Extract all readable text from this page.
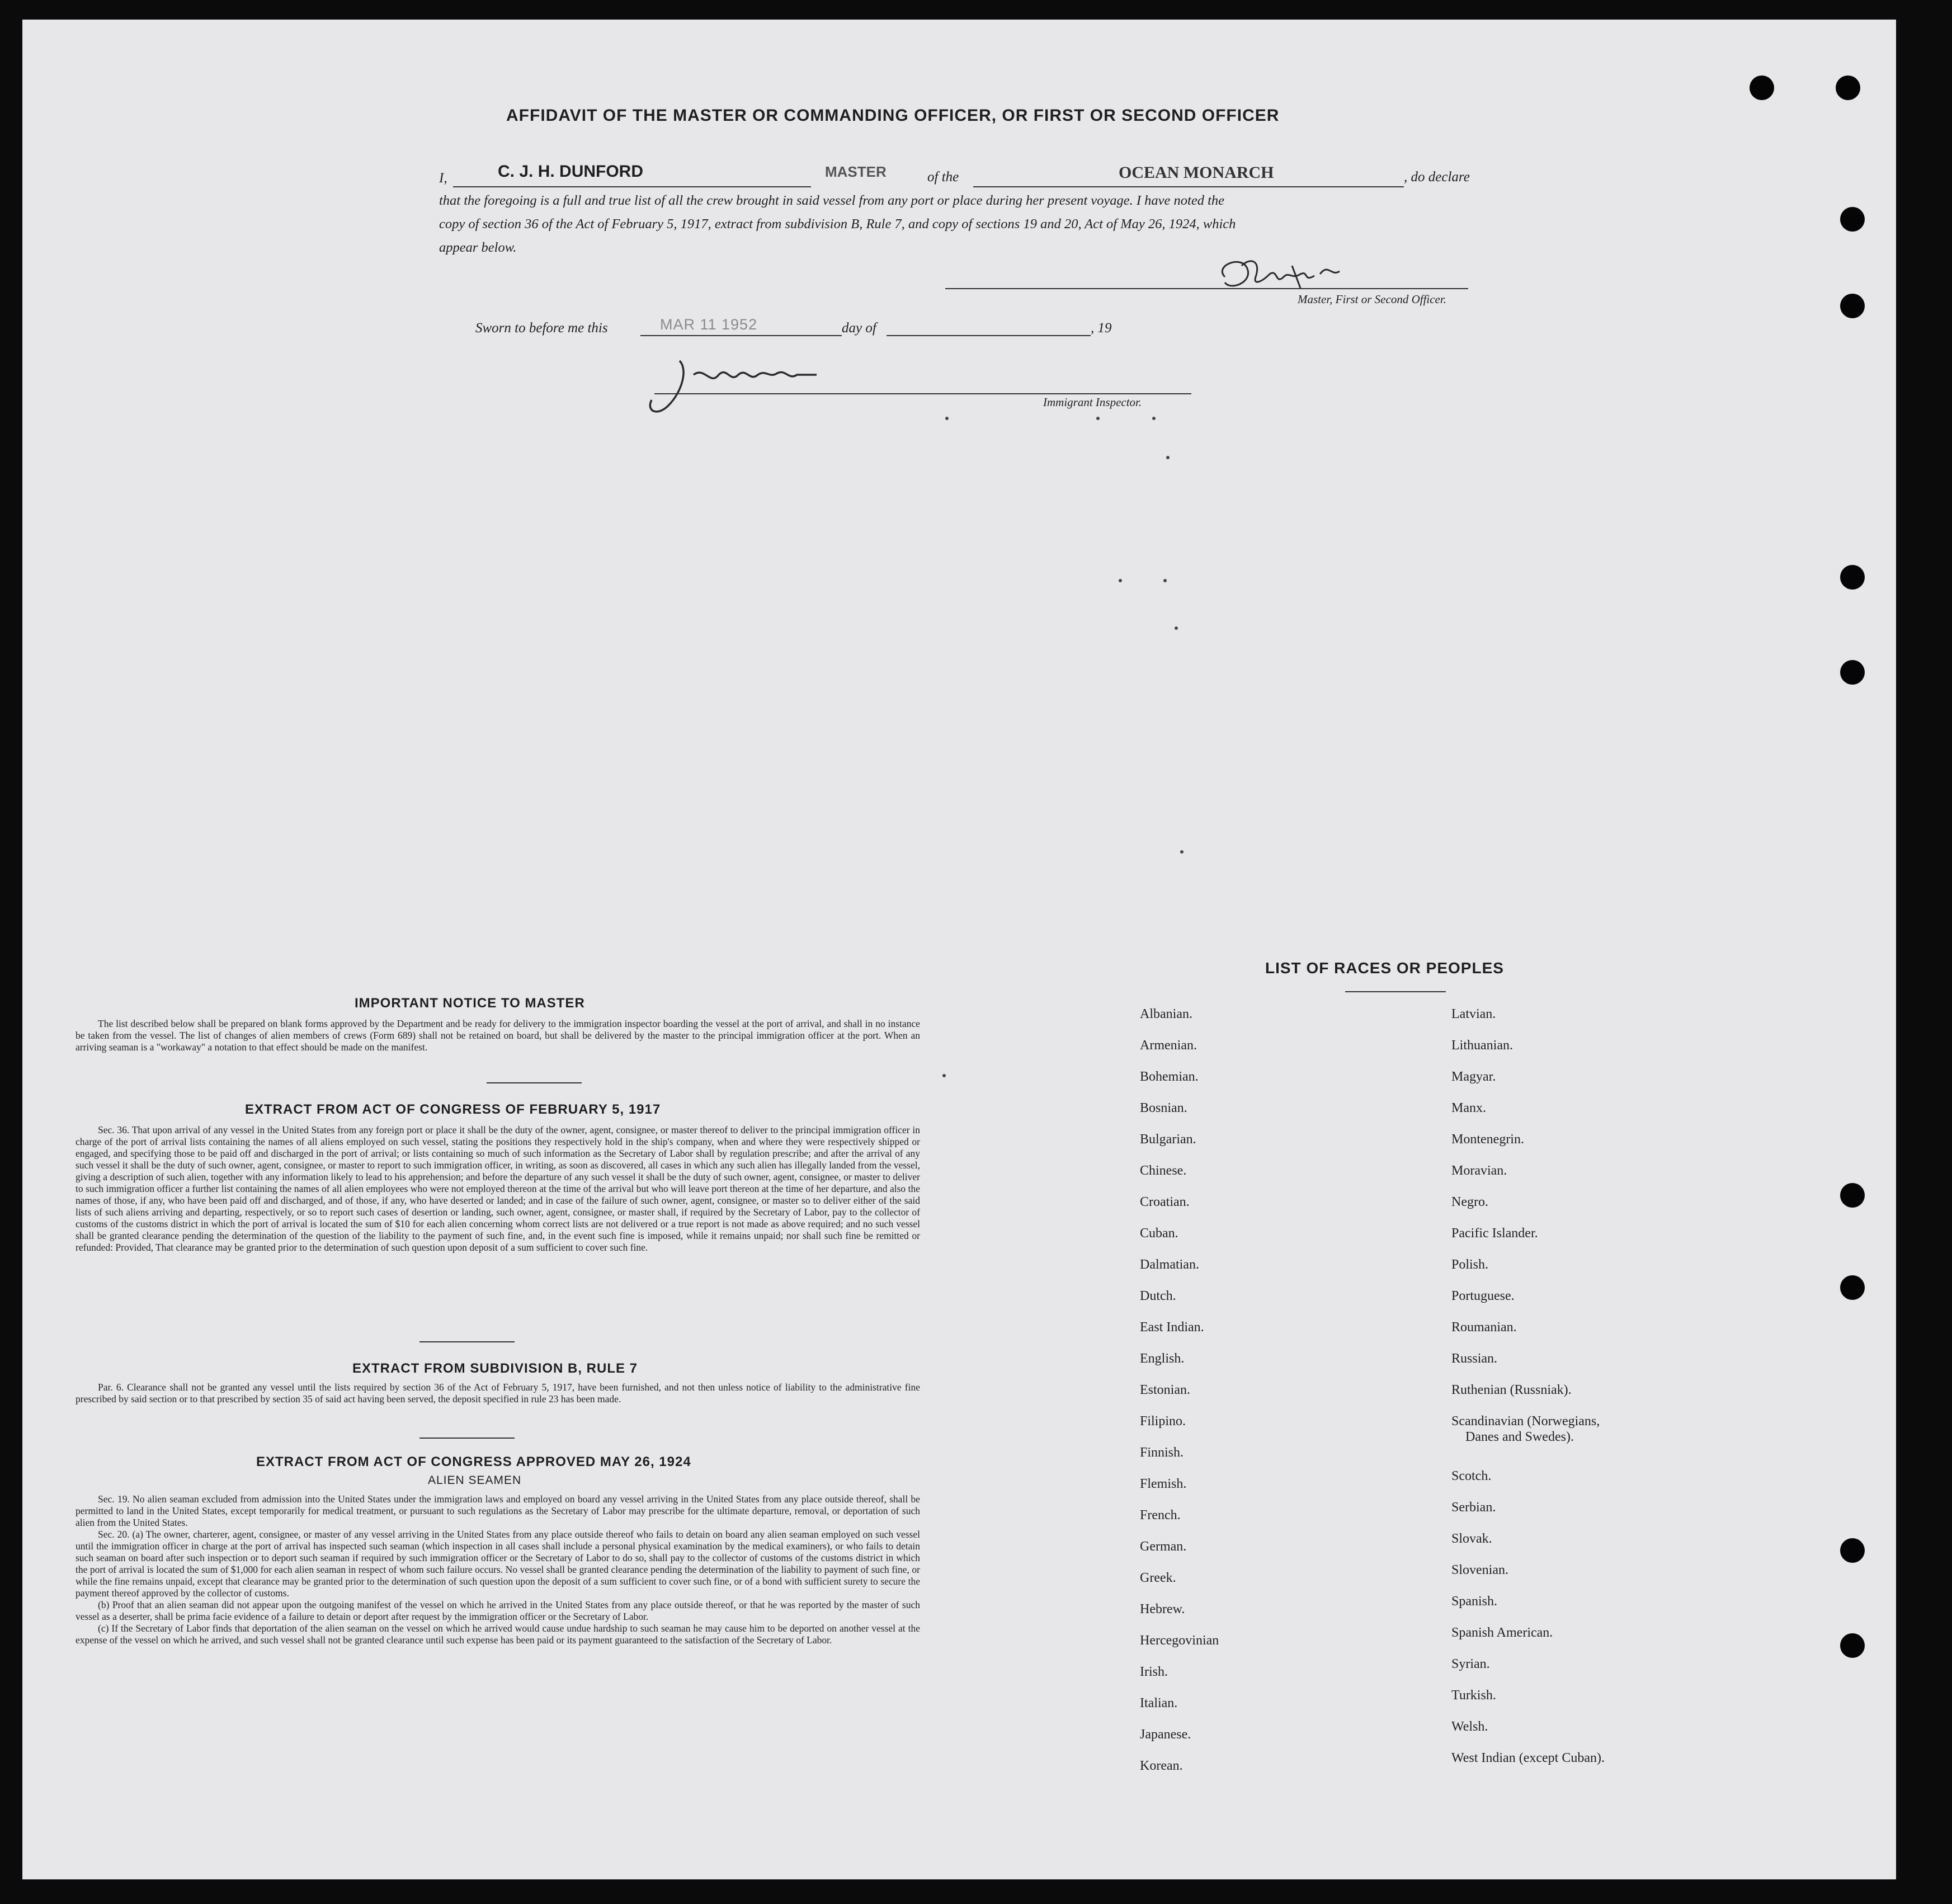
AFFIDAVIT OF THE MASTER OR COMMANDING OFFICER, OR FIRST OR SECOND OFFICER
I,	C. J. H. DUNFORD	MASTER	of the	OCEAN MONARCH	, do declare
that the foregoing is a full and true list of all the crew brought in said vessel from any port or place during her present voyage. I have noted the
copy of section 36 of the Act of February 5, 1917, extract from subdivision B, Rule 7, and copy of sections 19 and 20, Act of May 26, 1924, which
appear below.
Master, First or Second Officer.
Sworn to before me this	MAR 11 1952	day of	, 19
Immigrant Inspector.
IMPORTANT NOTICE TO MASTER

The list described below shall be prepared on blank forms approved by the Department and be ready for delivery to the immigration inspector boarding the vessel at the port of arrival, and shall in no instance be taken from the vessel. The list of changes of alien members of crews (Form 689) shall not be retained on board, but shall be delivered by the master to the principal immigration officer at the port. When an arriving seaman is a "workaway" a notation to that effect should be made on the manifest.

EXTRACT FROM ACT OF CONGRESS OF FEBRUARY 5, 1917

Sec. 36. That upon arrival of any vessel in the United States from any foreign port or place it shall be the duty of the owner, agent, consignee, or master thereof to deliver to the principal immigration officer in charge of the port of arrival lists containing the names of all aliens employed on such vessel, stating the positions they respectively hold in the ship's company, when and where they were respectively shipped or engaged, and specifying those to be paid off and discharged in the port of arrival; or lists containing so much of such information as the Secretary of Labor shall by regulation prescribe; and after the arrival of any such vessel it shall be the duty of such owner, agent, consignee, or master to report to such immigration officer, in writing, as soon as discovered, all cases in which any such alien has illegally landed from the vessel, giving a description of such alien, together with any information likely to lead to his apprehension; and before the departure of any such vessel it shall be the duty of such owner, agent, consignee, or master to deliver to such immigration officer a further list containing the names of all alien employees who were not employed thereon at the time of the arrival but who will leave port thereon at the time of her departure, and also the names of those, if any, who have been paid off and discharged, and of those, if any, who have deserted or landed; and in case of the failure of such owner, agent, consignee, or master so to deliver either of the said lists of such aliens arriving and departing, respectively, or so to report such cases of desertion or landing, such owner, agent, consignee, or master shall, if required by the Secretary of Labor, pay to the collector of customs of the customs district in which the port of arrival is located the sum of $10 for each alien concerning whom correct lists are not delivered or a true report is not made as above required; and no such vessel shall be granted clearance pending the determination of the question of the liability to the payment of such fine, and, in the event such fine is imposed, while it remains unpaid; nor shall such fine be remitted or refunded: Provided, That clearance may be granted prior to the determination of such question upon deposit of a sum sufficient to cover such fine.

EXTRACT FROM SUBDIVISION B, RULE 7

Par. 6. Clearance shall not be granted any vessel until the lists required by section 36 of the Act of February 5, 1917, have been furnished, and not then unless notice of liability to the administrative fine prescribed by said section or to that prescribed by section 35 of said act having been served, the deposit specified in rule 23 has been made.

EXTRACT FROM ACT OF CONGRESS APPROVED MAY 26, 1924
ALIEN SEAMEN

Sec. 19. No alien seaman excluded from admission into the United States under the immigration laws and employed on board any vessel arriving in the United States from any place outside thereof, shall be permitted to land in the United States, except temporarily for medical treatment, or pursuant to such regulations as the Secretary of Labor may prescribe for the ultimate departure, removal, or deportation of such alien from the United States.

Sec. 20. (a) The owner, charterer, agent, consignee, or master of any vessel arriving in the United States from any place outside thereof who fails to detain on board any alien seaman employed on such vessel until the immigration officer in charge at the port of arrival has inspected such seaman (which inspection in all cases shall include a personal physical examination by the medical examiners), or who fails to detain such seaman on board after such inspection or to deport such seaman if required by such immigration officer or the Secretary of Labor to do so, shall pay to the collector of customs of the customs district in which the port of arrival is located the sum of $1,000 for each alien seaman in respect of whom such failure occurs. No vessel shall be granted clearance pending the determination of the liability to payment of such fine, or while the fine remains unpaid, except that clearance may be granted prior to the determination of such question upon the deposit of a sum sufficient to cover such fine, or of a bond with sufficient surety to secure the payment thereof approved by the collector of customs.

(b) Proof that an alien seaman did not appear upon the outgoing manifest of the vessel on which he arrived in the United States from any place outside thereof, or that he was reported by the master of such vessel as a deserter, shall be prima facie evidence of a failure to detain or deport after request by the immigration officer or the Secretary of Labor.

(c) If the Secretary of Labor finds that deportation of the alien seaman on the vessel on which he arrived would cause undue hardship to such seaman he may cause him to be deported on another vessel at the expense of the vessel on which he arrived, and such vessel shall not be granted clearance until such expense has been paid or its payment guaranteed to the satisfaction of the Secretary of Labor.

LIST OF RACES OR PEOPLES
Albanian.
Armenian.
Bohemian.
Bosnian.
Bulgarian.
Chinese.
Croatian.
Cuban.
Dalmatian.
Dutch.
East Indian.
English.
Estonian.
Filipino.
Finnish.
Flemish.
French.
German.
Greek.
Hebrew.
Hercegovinian
Irish.
Italian.
Japanese.
Korean.
Latvian.
Lithuanian.
Magyar.
Manx.
Montenegrin.
Moravian.
Negro.
Pacific Islander.
Polish.
Portuguese.
Roumanian.
Russian.
Ruthenian (Russniak).
Scandinavian (Norwegians,
Danes and Swedes).
Scotch.
Serbian.
Slovak.
Slovenian.
Spanish.
Spanish American.
Syrian.
Turkish.
Welsh.
West Indian (except Cuban).
